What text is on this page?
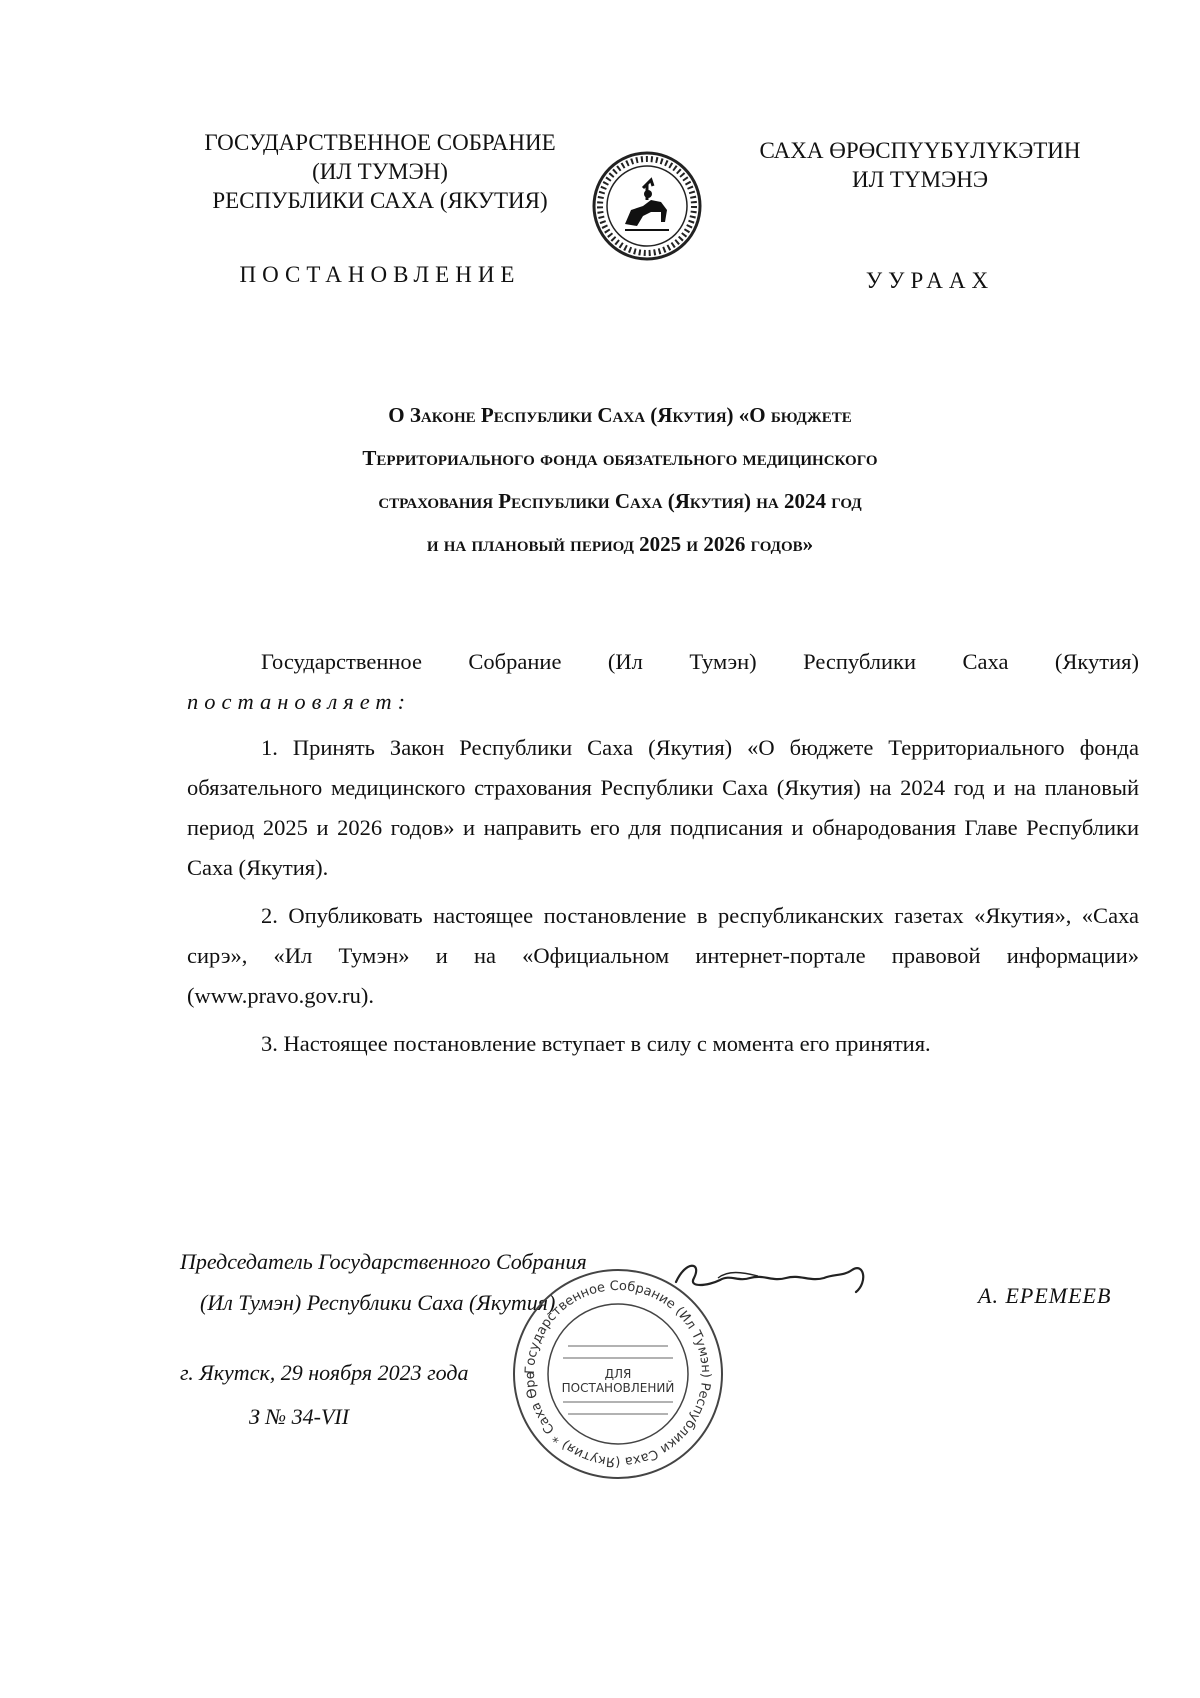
ГОСУДАРСТВЕННОЕ СОБРАНИЕ
(ИЛ ТУМЭН)
РЕСПУБЛИКИ САХА (ЯКУТИЯ)
САХА ӨРӨСПҮҮБҮЛҮКЭТИН
ИЛ ТҮМЭНЭ
ПОСТАНОВЛЕНИЕ	УУРААХ
О Законе Республики Саха (Якутия) «О бюджете
Территориального фонда обязательного медицинского
страхования Республики Саха (Якутия) на 2024 год
и на плановый период 2025 и 2026 годов»
Государственное Собрание (Ил Тумэн) Республики Саха (Якутия)
постановляет:
1. Принять Закон Республики Саха (Якутия) «О бюджете Территориального фонда обязательного медицинского страхования Республики Саха (Якутия) на 2024 год и на плановый период 2025 и 2026 годов» и направить его для подписания и обнародования Главе Республики Саха (Якутия).
2. Опубликовать настоящее постановление в республиканских газетах «Якутия», «Саха сирэ», «Ил Тумэн» и на «Официальном интернет-портале правовой информации» (www.pravo.gov.ru).
3. Настоящее постановление вступает в силу с момента его принятия.
Председатель Государственного Собрания
(Ил Тумэн) Республики Саха (Якутия)	А. ЕРЕМЕЕВ
г. Якутск, 29 ноября 2023 года
З № 34-VII
Государственное Собрание (Ил Тумэн) Республики Саха (Якутия) * Саха Өрө	ДЛЯ
ПОСТАНОВЛЕНИЙ
